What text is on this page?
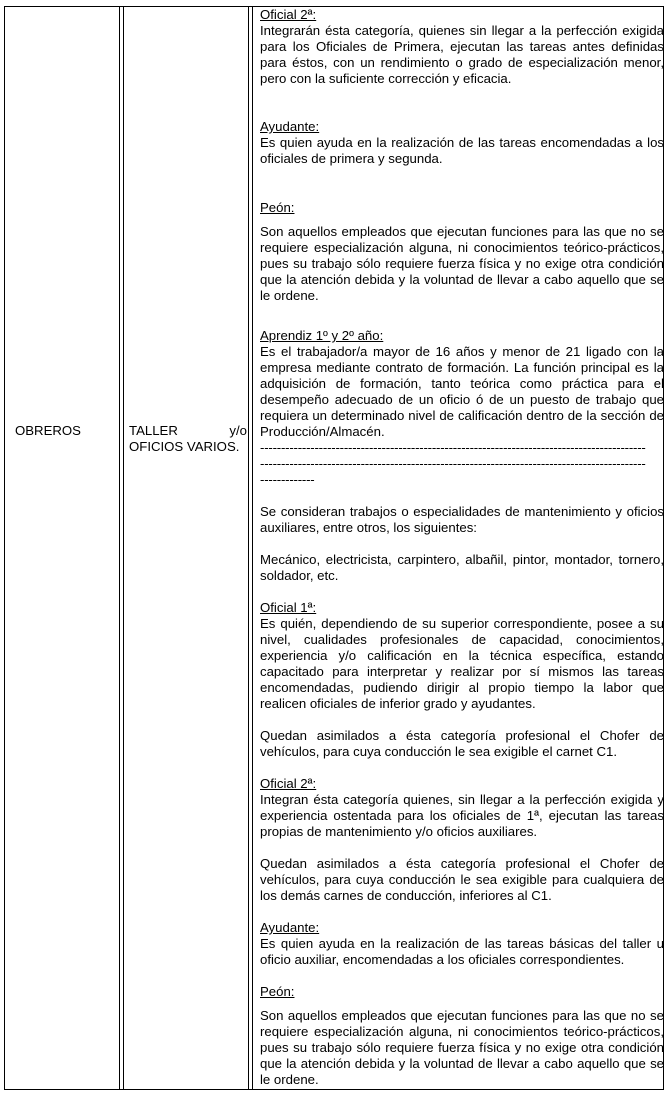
OBREROS	TALLER	y/o
OFICIOS VARIOS.
Oficial 2ª:
Integrarán ésta categoría, quienes sin llegar a la perfección exigida para los Oficiales de Primera, ejecutan las tareas antes definidas para éstos, con un rendimiento o grado de especialización menor, pero con la suficiente corrección y eficacia.
Ayudante:
Es quien ayuda en la realización de las tareas encomendadas a los oficiales de primera y segunda.
Peón:
Son aquellos empleados que ejecutan funciones para las que no se requiere especialización alguna, ni conocimientos teórico-prácticos, pues su trabajo sólo requiere fuerza física y no exige otra condición que la atención debida y la voluntad de llevar a cabo aquello que se le ordene.
Aprendiz 1º y 2º año:
Es el trabajador/a mayor de 16 años y menor de 21 ligado con la empresa mediante contrato de formación. La función principal es la adquisición de formación, tanto teórica como práctica para el desempeño adecuado de un oficio ó de un puesto de trabajo que requiera un determinado nivel de calificación dentro de la sección de Producción/Almacén.
--------------------------------------------------------------------------------------------
--------------------------------------------------------------------------------------------
-------------
Se consideran trabajos o especialidades de mantenimiento y oficios auxiliares, entre otros, los siguientes:
Mecánico, electricista, carpintero, albañil, pintor, montador, tornero, soldador, etc.
Oficial 1ª:
Es quién, dependiendo de su superior correspondiente, posee a su nivel, cualidades profesionales de capacidad, conocimientos, experiencia y/o calificación en la técnica específica, estando capacitado para interpretar y realizar por sí mismos las tareas encomendadas, pudiendo dirigir al propio tiempo la labor que realicen oficiales de inferior grado y ayudantes.
Quedan asimilados a ésta categoría profesional el Chofer de vehículos, para cuya conducción le sea exigible el carnet C1.
Oficial 2ª:
Integran ésta categoría quienes, sin llegar a la perfección exigida y experiencia ostentada para los oficiales de 1ª, ejecutan las tareas propias de mantenimiento y/o oficios auxiliares.
Quedan asimilados a ésta categoría profesional el Chofer de vehículos, para cuya conducción le sea exigible para cualquiera de los demás carnes de conducción, inferiores al C1.
Ayudante:
Es quien ayuda en la realización de las tareas básicas del taller u oficio auxiliar, encomendadas a los oficiales correspondientes.
Peón:
Son aquellos empleados que ejecutan funciones para las que no se requiere especialización alguna, ni conocimientos teórico-prácticos, pues su trabajo sólo requiere fuerza física y no exige otra condición que la atención debida y la voluntad de llevar a cabo aquello que se le ordene.
